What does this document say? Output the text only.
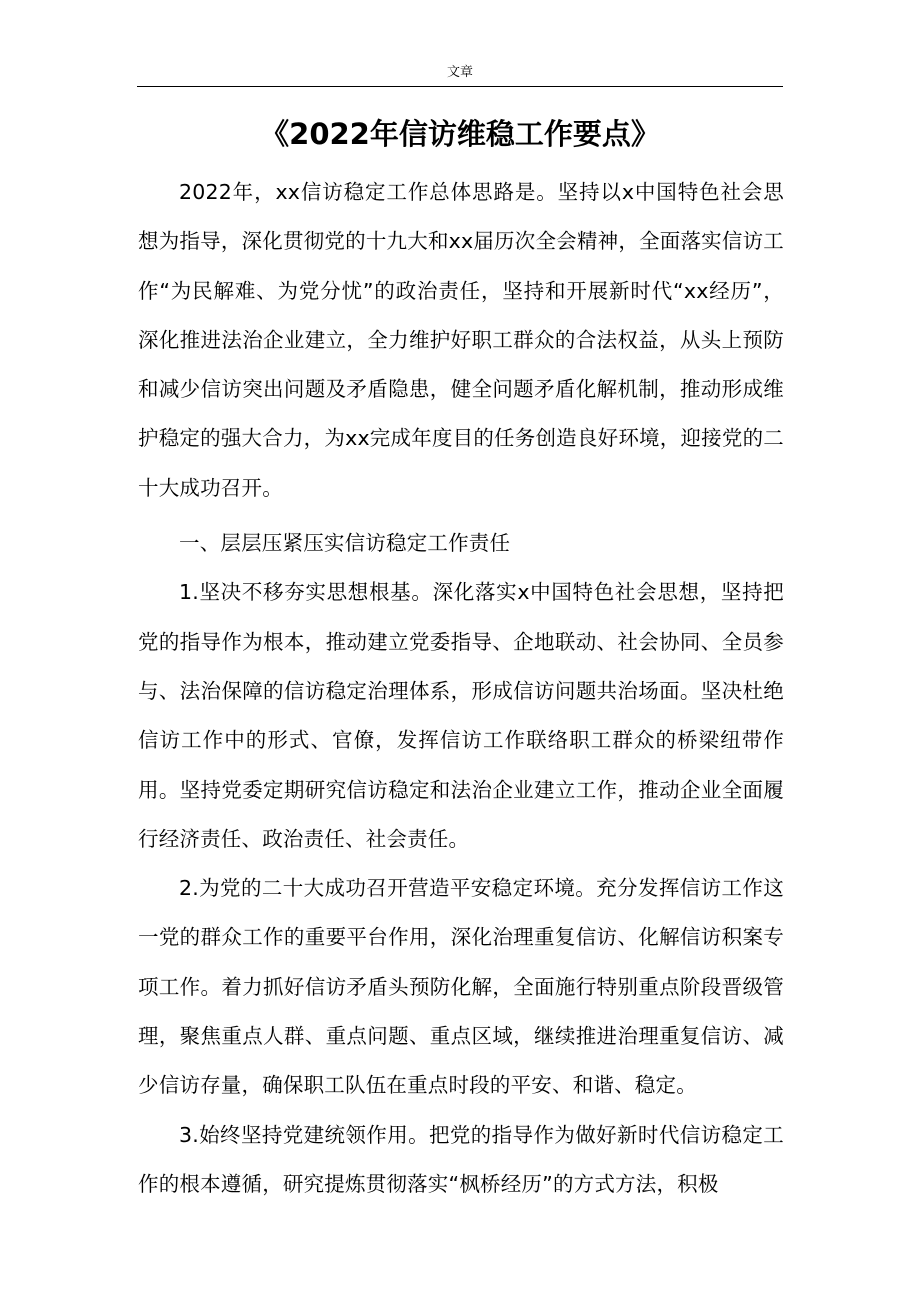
文章
《2022年信访维稳工作要点》

2022年，xx信访稳定工作总体思路是。坚持以x中国特色社会思想为指导，深化贯彻党的十九大和xx届历次全会精神，全面落实信访工作“为民解难、为党分忧”的政治责任，坚持和开展新时代“xx经历”，深化推进法治企业建立，全力维护好职工群众的合法权益，从头上预防和减少信访突出问题及矛盾隐患，健全问题矛盾化解机制，推动形成维护稳定的强大合力，为xx完成年度目的任务创造良好环境，迎接党的二十大成功召开。

一、层层压紧压实信访稳定工作责任

1.坚决不移夯实思想根基。深化落实x中国特色社会思想，坚持把党的指导作为根本，推动建立党委指导、企地联动、社会协同、全员参与、法治保障的信访稳定治理体系，形成信访问题共治场面。坚决杜绝信访工作中的形式、官僚，发挥信访工作联络职工群众的桥梁纽带作用。坚持党委定期研究信访稳定和法治企业建立工作，推动企业全面履行经济责任、政治责任、社会责任。

2.为党的二十大成功召开营造平安稳定环境。充分发挥信访工作这一党的群众工作的重要平台作用，深化治理重复信访、化解信访积案专项工作。着力抓好信访矛盾头预防化解，全面施行特别重点阶段晋级管理，聚焦重点人群、重点问题、重点区域，继续推进治理重复信访、减少信访存量，确保职工队伍在重点时段的平安、和谐、稳定。

3.始终坚持党建统领作用。把党的指导作为做好新时代信访稳定工作的根本遵循，研究提炼贯彻落实“枫桥经历”的方式方法，积极
